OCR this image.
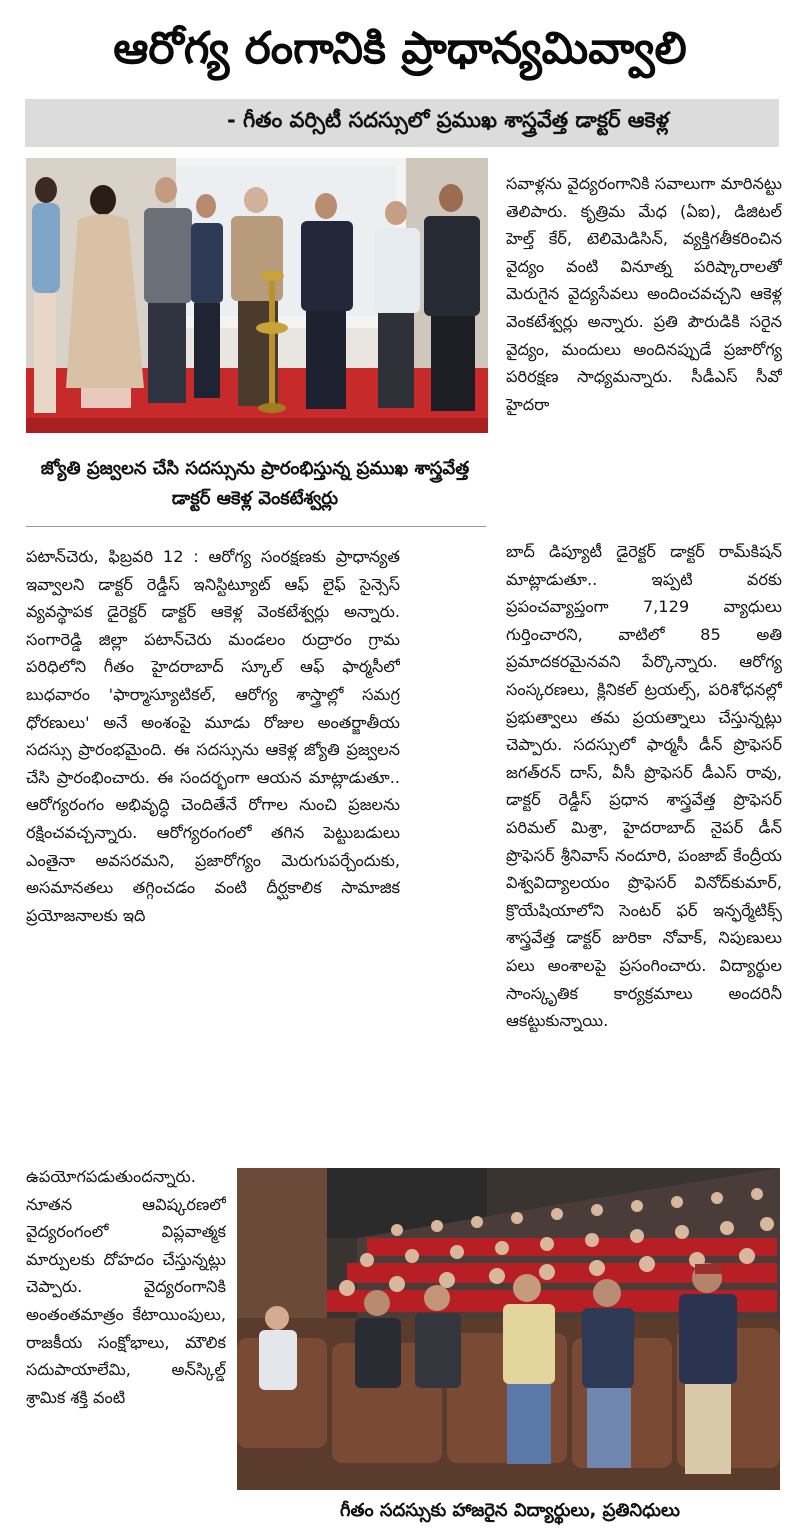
ఆరోగ్య రంగానికి ప్రాధాన్యమివ్వాలి
- గీతం వర్సిటీ సదస్సులో ప్రముఖ శాస్త్రవేత్త డాక్టర్ ఆకెళ్ల
జ్యోతి ప్రజ్వలన చేసి సదస్సును ప్రారంభిస్తున్న ప్రముఖ శాస్త్రవేత్త డాక్టర్ ఆకెళ్ల వెంకటేశ్వర్లు
సవాళ్లను వైద్యరంగానికి సవాలుగా మారినట్టు తెలిపారు. కృత్రిమ మేధ (ఏఐ), డిజిటల్ హెల్త్ కేర్, టెలిమెడిసిన్, వ్యక్తిగతీకరించిన వైద్యం వంటి వినూత్న పరిష్కారాలతో మెరుగైన వైద్యసేవలు అందించవచ్చని ఆకెళ్ల వెంకటేశ్వర్లు అన్నారు. ప్రతి పౌరుడికి సరైన వైద్యం, మందులు అందినప్పుడే ప్రజారోగ్య పరిరక్షణ సాధ్యమన్నారు. సీడీఎస్ సీవో హైదరా
బాద్ డిప్యూటీ డైరెక్టర్ డాక్టర్ రామ్‌కిషన్ మాట్లాడుతూ.. ఇప్పటి వరకు ప్రపంచవ్యాప్తంగా 7,129 వ్యాధులు గుర్తించారని, వాటిలో 85 అతి ప్రమాదకరమైనవని పేర్కొన్నారు. ఆరోగ్య సంస్కరణలు, క్లినికల్ ట్రయల్స్, పరిశోధనల్లో ప్రభుత్వాలు తమ ప్రయత్నాలు చేస్తున్నట్లు చెప్పారు. సదస్సులో ఫార్మసీ డీన్ ప్రొఫెసర్ జగత్‌రన్ దాస్, వీసీ ప్రొఫెసర్ డీఎస్ రావు, డాక్టర్ రెడ్డీస్ ప్రధాన శాస్త్రవేత్త ప్రొఫెసర్ పరిమల్ మిశ్రా, హైదరాబాద్ నైపర్ డీన్ ప్రొఫెసర్ శ్రీనివాస్ నందూరి, పంజాబ్ కేంద్రీయ విశ్వవిద్యాలయం ప్రొఫెసర్ వినోద్‌కుమార్, క్రొయేషియాలోని సెంటర్ ఫర్ ఇన్ఫర్మేటిక్స్ శాస్త్రవేత్త డాక్టర్ జురికా నోవాక్, నిపుణులు పలు అంశాలపై ప్రసంగించారు. విద్యార్థుల సాంస్కృతిక కార్యక్రమాలు అందరినీ ఆకట్టుకున్నాయి.
పటాన్‌చెరు, ఫిబ్రవరి 12 : ఆరోగ్య సంరక్షణకు ప్రాధాన్యత ఇవ్వాలని డాక్టర్ రెడ్డీస్ ఇనిస్టిట్యూట్ ఆఫ్ లైఫ్ సైన్సెస్ వ్యవస్థాపక డైరెక్టర్ డాక్టర్ ఆకెళ్ల వెంకటేశ్వర్లు అన్నారు. సంగారెడ్డి జిల్లా పటాన్‌చెరు మండలం రుద్రారం గ్రామ పరిధిలోని గీతం హైదరాబాద్ స్కూల్ ఆఫ్ ఫార్మసీలో బుధవారం 'ఫార్మాస్యూటికల్, ఆరోగ్య శాస్త్రాల్లో సమగ్ర ధోరణులు' అనే అంశంపై మూడు రోజుల అంతర్జాతీయ సదస్సు ప్రారంభమైంది. ఈ సదస్సును ఆకెళ్ల జ్యోతి ప్రజ్వలన చేసి ప్రారంభించారు. ఈ సందర్భంగా ఆయన మాట్లాడుతూ.. ఆరోగ్యరంగం అభివృద్ధి చెందితేనే రోగాల నుంచి ప్రజలను రక్షించవచ్చన్నారు. ఆరోగ్యరంగంలో తగిన పెట్టుబడులు ఎంతైనా అవసరమని, ప్రజారోగ్యం మెరుగుపర్చేందుకు, అసమానతలు తగ్గించడం వంటి దీర్ఘకాలిక సామాజిక ప్రయోజనాలకు ఇది
ఉపయోగపడుతుందన్నారు. నూతన ఆవిష్కరణలో వైద్యరంగంలో విప్లవాత్మక మార్పులకు దోహదం చేస్తున్నట్లు చెప్పారు. వైద్యరంగానికి అంతంతమాత్రం కేటాయింపులు, రాజకీయ సంక్షోభాలు, మౌలిక సదుపాయాలేమి, అన్‌స్కిల్డ్ శ్రామిక శక్తి వంటి
గీతం సదస్సుకు హాజరైన విద్యార్థులు, ప్రతినిధులు
